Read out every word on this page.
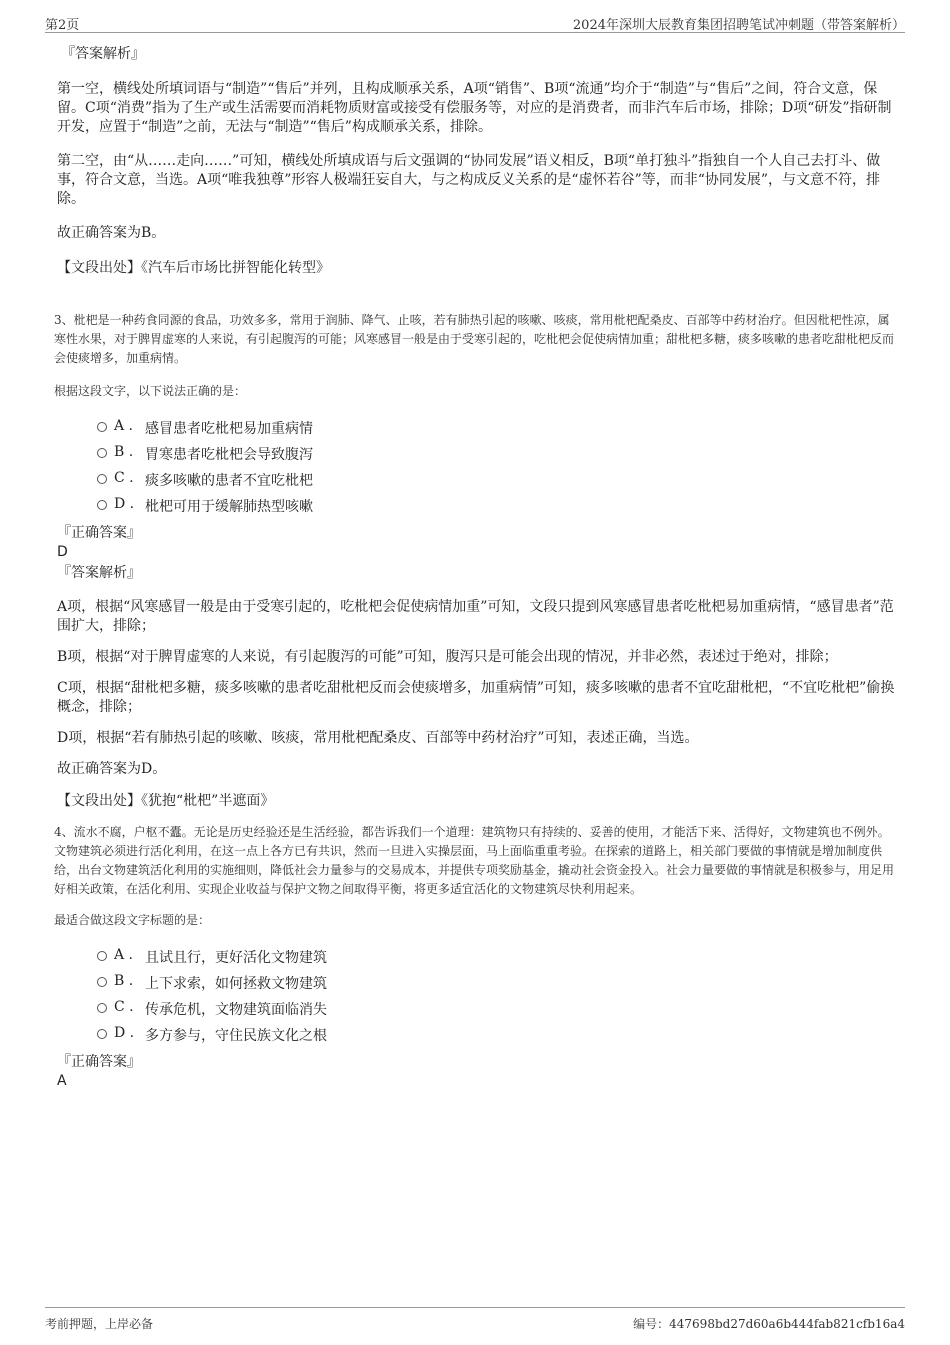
第2页	2024年深圳大辰教育集团招聘笔试冲刺题（带答案解析）
『答案解析』

第一空，横线处所填词语与“制造”“售后”并列，且构成顺承关系，A项“销售”、B项“流通”均介于“制造”与“售后”之间，符合文意，保留。C项“消费”指为了生产或生活需要而消耗物质财富或接受有偿服务等，对应的是消费者，而非汽车后市场，排除；D项“研发”指研制开发，应置于“制造”之前，无法与“制造”“售后”构成顺承关系，排除。

第二空，由“从……走向……”可知，横线处所填成语与后文强调的“协同发展”语义相反，B项“单打独斗”指独自一个人自己去打斗、做事，符合文意，当选。A项“唯我独尊”形容人极端狂妄自大，与之构成反义关系的是“虚怀若谷”等，而非“协同发展”，与文意不符，排除。

故正确答案为B。

【文段出处】《汽车后市场比拼智能化转型》

3、枇杷是一种药食同源的食品，功效多多，常用于润肺、降气、止咳，若有肺热引起的咳嗽、咳痰，常用枇杷配桑皮、百部等中药材治疗。但因枇杷性凉，属寒性水果，对于脾胃虚寒的人来说，有引起腹泻的可能；风寒感冒一般是由于受寒引起的，吃枇杷会促使病情加重；甜枇杷多糖，痰多咳嗽的患者吃甜枇杷反而会使痰增多，加重病情。

根据这段文字，以下说法正确的是：

A . 感冒患者吃枇杷易加重病情
B . 胃寒患者吃枇杷会导致腹泻
C . 痰多咳嗽的患者不宜吃枇杷
D . 枇杷可用于缓解肺热型咳嗽
『正确答案』
D
『答案解析』

A项，根据“风寒感冒一般是由于受寒引起的，吃枇杷会促使病情加重”可知，文段只提到风寒感冒患者吃枇杷易加重病情，“感冒患者”范围扩大，排除；

B项，根据“对于脾胃虚寒的人来说，有引起腹泻的可能”可知，腹泻只是可能会出现的情况，并非必然，表述过于绝对，排除；

C项，根据“甜枇杷多糖，痰多咳嗽的患者吃甜枇杷反而会使痰增多，加重病情”可知，痰多咳嗽的患者不宜吃甜枇杷，“不宜吃枇杷”偷换概念，排除；

D项，根据“若有肺热引起的咳嗽、咳痰，常用枇杷配桑皮、百部等中药材治疗”可知，表述正确，当选。

故正确答案为D。

【文段出处】《犹抱“枇杷”半遮面》

4、流水不腐，户枢不蠹。无论是历史经验还是生活经验，都告诉我们一个道理：建筑物只有持续的、妥善的使用，才能活下来、活得好，文物建筑也不例外。文物建筑必须进行活化利用，在这一点上各方已有共识，然而一旦进入实操层面，马上面临重重考验。在探索的道路上，相关部门要做的事情就是增加制度供给，出台文物建筑活化利用的实施细则，降低社会力量参与的交易成本，并提供专项奖励基金，撬动社会资金投入。社会力量要做的事情就是积极参与，用足用好相关政策，在活化利用、实现企业收益与保护文物之间取得平衡，将更多适宜活化的文物建筑尽快利用起来。

最适合做这段文字标题的是：

A . 且试且行，更好活化文物建筑
B . 上下求索，如何拯救文物建筑
C . 传承危机，文物建筑面临消失
D . 多方参与，守住民族文化之根
『正确答案』
A
考前押题，上岸必备	编号：447698bd27d60a6b444fab821cfb16a4
